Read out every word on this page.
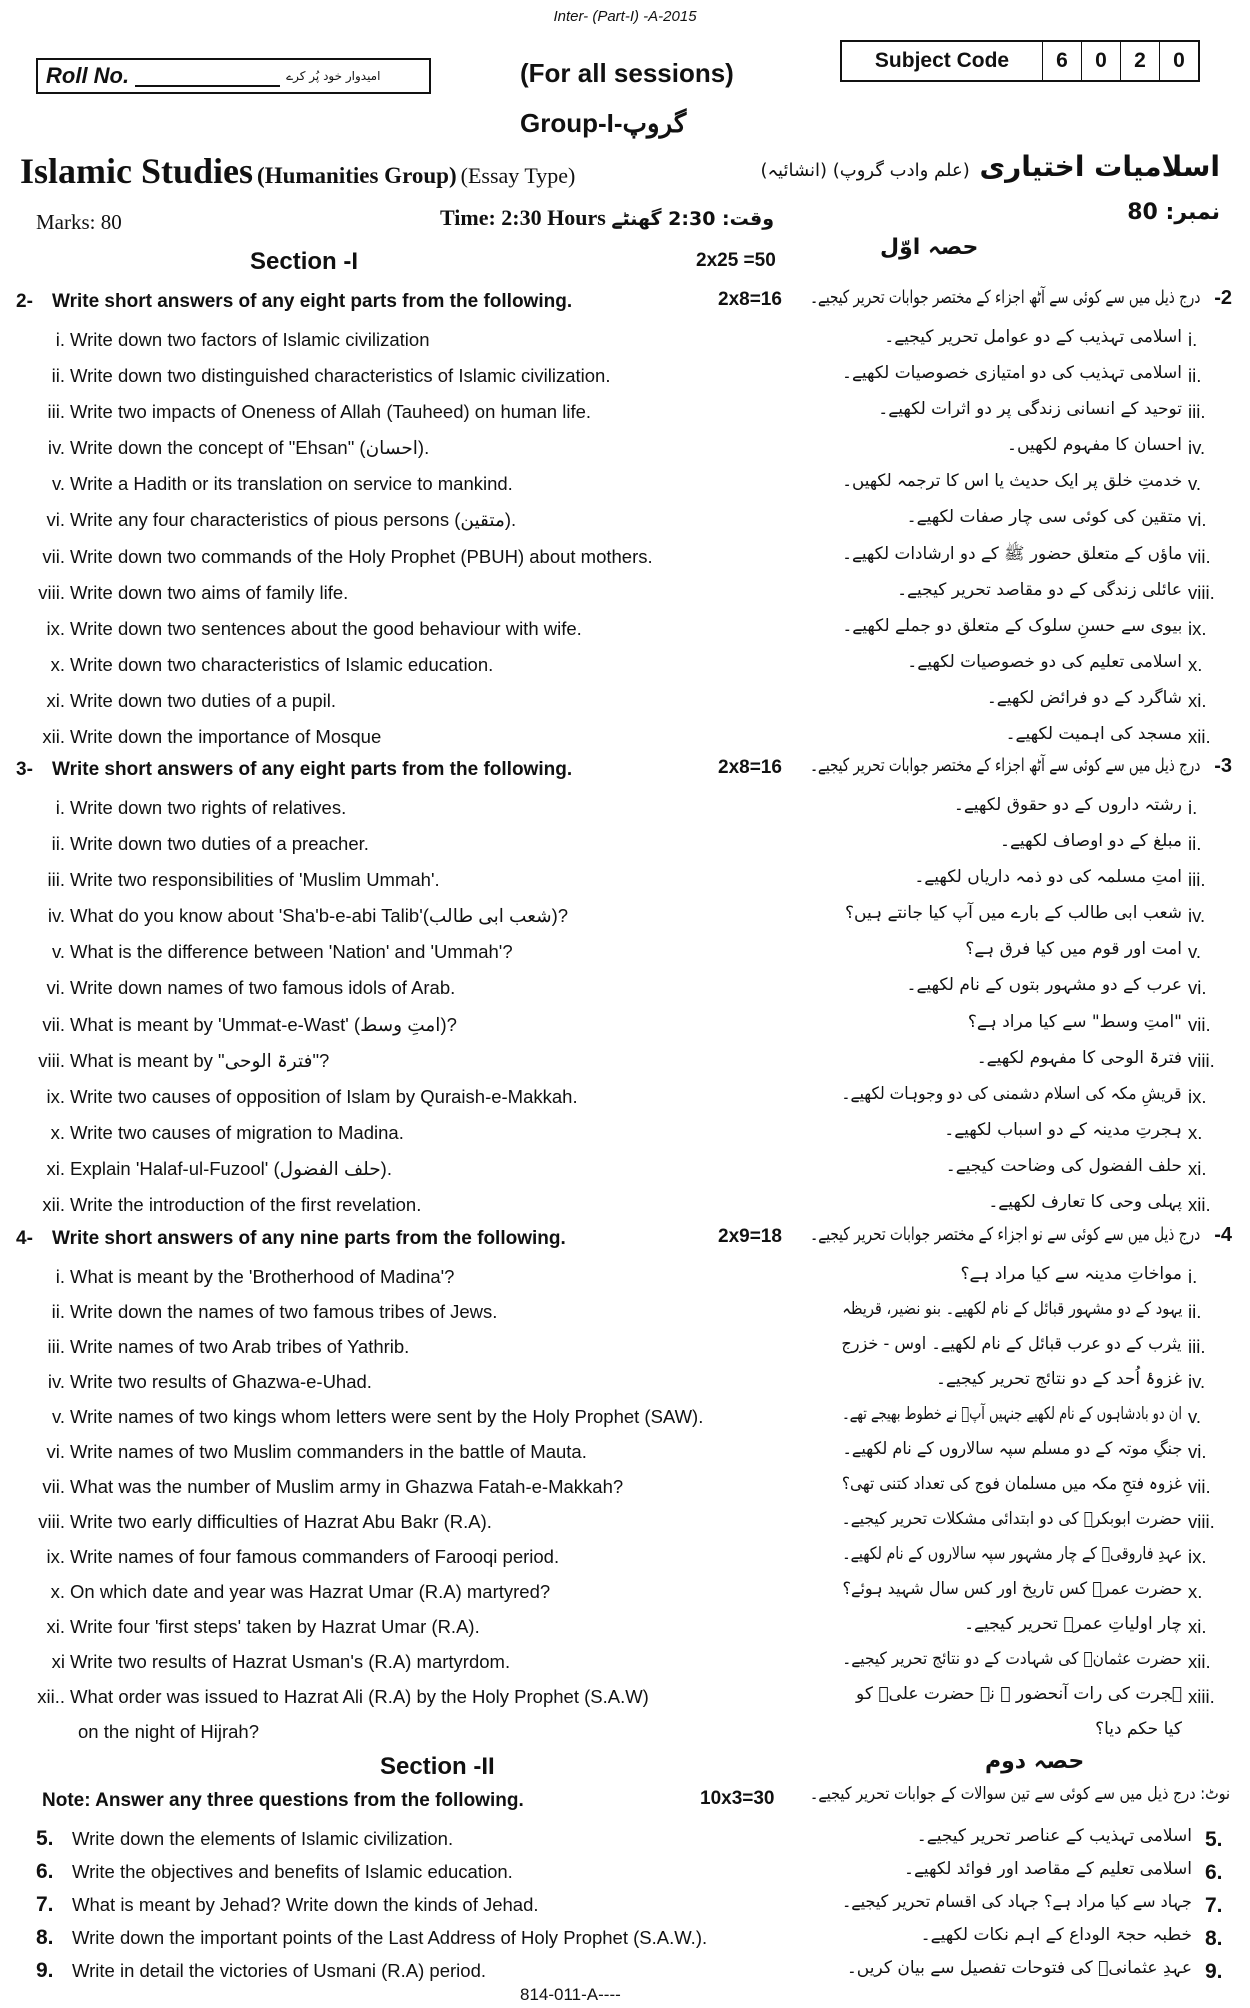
Inter- (Part-I) -A-2015
Roll No.	امیدوار خود پُر کرے	(For all sessions)	Subject Code	6	0	2	0
Group-I-گروپ
Islamic Studies (Humanities Group) (Essay Type)	اسلامیات اختیاری (علم وادب گروپ) (انشائیہ)
Marks: 80	Time: 2:30 Hours وقت: 2:30 گھنٹے	نمبر: 80
Section -I	2x25 =50
حصہ اوّل
2- Write short answers of any eight parts from the following.	2x8=16 درج ذیل میں سے کوئی سے آٹھ اجزاء کے مختصر جوابات تحریر کیجیے۔ -2
i. Write down two factors of Islamic civilization	اسلامی تہذیب کے دو عوامل تحریر کیجیے۔ i.
ii. Write down two distinguished characteristics of Islamic civilization.	اسلامی تہذیب کی دو امتیازی خصوصیات لکھیے۔ ii.
iii. Write two impacts of Oneness of Allah (Tauheed) on human life.	توحید کے انسانی زندگی پر دو اثرات لکھیے۔ iii.
iv. Write down the concept of "Ehsan" (احسان).	احسان کا مفہوم لکھیں۔ iv.
v. Write a Hadith or its translation on service to mankind.	خدمتِ خلق پر ایک حدیث یا اس کا ترجمہ لکھیں۔ v.
vi. Write any four characteristics of pious persons (متقین).	متقین کی کوئی سی چار صفات لکھیے۔ vi.
vii. Write down two commands of the Holy Prophet (PBUH) about mothers.	ماؤں کے متعلق حضور ﷺ کے دو ارشادات لکھیے۔ vii.
viii. Write down two aims of family life.	عائلی زندگی کے دو مقاصد تحریر کیجیے۔ viii.
ix. Write down two sentences about the good behaviour with wife.	بیوی سے حسنِ سلوک کے متعلق دو جملے لکھیے۔ ix.
x. Write down two characteristics of Islamic education.	اسلامی تعلیم کی دو خصوصیات لکھیے۔ x.
xi. Write down two duties of a pupil.	شاگرد کے دو فرائض لکھیے۔ xi.
xii. Write down the importance of Mosque	مسجد کی اہمیت لکھیے۔ xii.
3- Write short answers of any eight parts from the following.	2x8=16 درج ذیل میں سے کوئی سے آٹھ اجزاء کے مختصر جوابات تحریر کیجیے۔ -3
i. Write down two rights of relatives.	رشتہ داروں کے دو حقوق لکھیے۔ i.
ii. Write down two duties of a preacher.	مبلغ کے دو اوصاف لکھیے۔ ii.
iii. Write two responsibilities of 'Muslim Ummah'.	امتِ مسلمہ کی دو ذمہ داریاں لکھیے۔ iii.
iv. What do you know about 'Sha'b-e-abi Talib'(شعب ابی طالب)?	شعب ابی طالب کے بارے میں آپ کیا جانتے ہیں؟ iv.
v. What is the difference between 'Nation' and 'Ummah'?	امت اور قوم میں کیا فرق ہے؟ v.
vi. Write down names of two famous idols of Arab.	عرب کے دو مشہور بتوں کے نام لکھیے۔ vi.
vii. What is meant by 'Ummat-e-Wast' (امتِ وسط)?	"امتِ وسط" سے کیا مراد ہے؟ vii.
viii. What is meant by "فترۃ الوحی"?	فترۃ الوحی کا مفہوم لکھیے۔ viii.
ix. Write two causes of opposition of Islam by Quraish-e-Makkah.	قریشِ مکہ کی اسلام دشمنی کی دو وجوہات لکھیے۔ ix.
x. Write two causes of migration to Madina.	ہجرتِ مدینہ کے دو اسباب لکھیے۔ x.
xi. Explain 'Halaf-ul-Fuzool' (حلف الفضول).	حلف الفضول کی وضاحت کیجیے۔ xi.
xii. Write the introduction of the first revelation.	پہلی وحی کا تعارف لکھیے۔ xii.
4- Write short answers of any nine parts from the following.	2x9=18 درج ذیل میں سے کوئی سے نو اجزاء کے مختصر جوابات تحریر کیجیے۔ -4
i. What is meant by the 'Brotherhood of Madina'?	مواخاتِ مدینہ سے کیا مراد ہے؟ i.
ii. Write down the names of two famous tribes of Jews.	یہود کے دو مشہور قبائل کے نام لکھیے۔ بنو نضیر، قریظہ ii.
iii. Write names of two Arab tribes of Yathrib.	یثرب کے دو عرب قبائل کے نام لکھیے۔ اوس - خزرج iii.
iv. Write two results of Ghazwa-e-Uhad.	غزوۂ اُحد کے دو نتائج تحریر کیجیے۔ iv.
v. Write names of two kings whom letters were sent by the Holy Prophet (SAW).	ان دو بادشاہوں کے نام لکھیے جنہیں آپؐ نے خطوط بھیجے تھے۔ v.
vi. Write names of two Muslim commanders in the battle of Mauta.	جنگِ موتہ کے دو مسلم سپہ سالاروں کے نام لکھیے۔ vi.
vii. What was the number of Muslim army in Ghazwa Fatah-e-Makkah?	غزوہ فتحِ مکہ میں مسلمان فوج کی تعداد کتنی تھی؟ vii.
viii. Write two early difficulties of Hazrat Abu Bakr (R.A).	حضرت ابوبکرؓ کی دو ابتدائی مشکلات تحریر کیجیے۔ viii.
ix. Write names of four famous commanders of Farooqi period.	عہدِ فاروقیؓ کے چار مشہور سپہ سالاروں کے نام لکھیے۔ ix.
x. On which date and year was Hazrat Umar (R.A) martyred?	حضرت عمرؓ کس تاریخ اور کس سال شہید ہوئے؟ x.
xi. Write four 'first steps' taken by Hazrat Umar (R.A).	چار اولیاتِ عمرؓ تحریر کیجیے۔ xi.
xi Write two results of Hazrat Usman's (R.A) martyrdom.	حضرت عثمانؓ کی شہادت کے دو نتائج تحریر کیجیے۔ xii.
xii.. What order was issued to Hazrat Ali (R.A) by the Holy Prophet (S.A.W)	ہجرت کی رات آنحضور ﷺ نے حضرت علیؓ کو xiii.
on the night of Hijrah?	کیا حکم دیا؟
Section -II	حصہ دوم
Note: Answer any three questions from the following.	10x3=30 نوٹ: درج ذیل میں سے کوئی سے تین سوالات کے جوابات تحریر کیجیے۔
5. Write down the elements of Islamic civilization.	اسلامی تہذیب کے عناصر تحریر کیجیے۔ 5.
6. Write the objectives and benefits of Islamic education.	اسلامی تعلیم کے مقاصد اور فوائد لکھیے۔ 6.
7. What is meant by Jehad? Write down the kinds of Jehad.	جہاد سے کیا مراد ہے؟ جہاد کی اقسام تحریر کیجیے۔ 7.
8. Write down the important points of the Last Address of Holy Prophet (S.A.W.).	خطبہ حجۃ الوداع کے اہم نکات لکھیے۔ 8.
9. Write in detail the victories of Usmani (R.A) period.	عہدِ عثمانیؓ کی فتوحات تفصیل سے بیان کریں۔ 9.
814-011-A----
